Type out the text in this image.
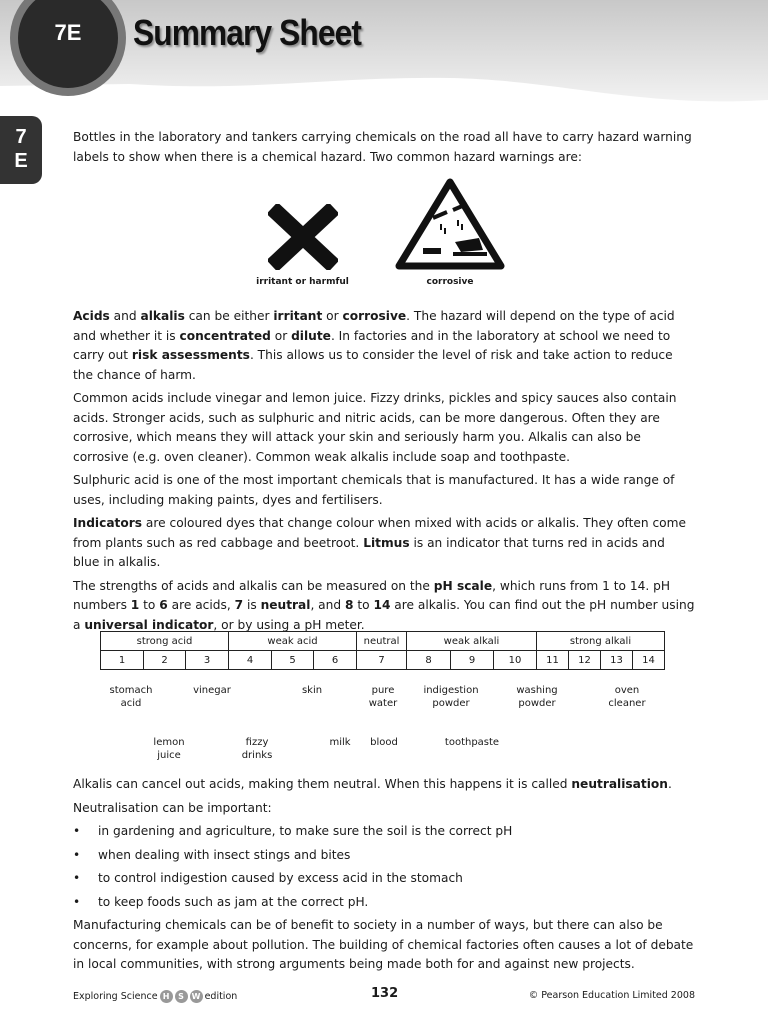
7E	Summary Sheet
7
E

Bottles in the laboratory and tankers carrying chemicals on the road all have to carry hazard warning labels to show when there is a chemical hazard. Two common hazard warnings are:

irritant or harmful	corrosive

Acids and alkalis can be either irritant or corrosive. The hazard will depend on the type of acid and whether it is concentrated or dilute. In factories and in the laboratory at school we need to carry out risk assessments. This allows us to consider the level of risk and take action to reduce the chance of harm.

Common acids include vinegar and lemon juice. Fizzy drinks, pickles and spicy sauces also contain acids. Stronger acids, such as sulphuric and nitric acids, can be more dangerous. Often they are corrosive, which means they will attack your skin and seriously harm you. Alkalis can also be corrosive (e.g. oven cleaner). Common weak alkalis include soap and toothpaste.

Sulphuric acid is one of the most important chemicals that is manufactured. It has a wide range of uses, including making paints, dyes and fertilisers.

Indicators are coloured dyes that change colour when mixed with acids or alkalis. They often come from plants such as red cabbage and beetroot. Litmus is an indicator that turns red in acids and blue in alkalis.

The strengths of acids and alkalis can be measured on the pH scale, which runs from 1 to 14. pH numbers 1 to 6 are acids, 7 is neutral, and 8 to 14 are alkalis. You can find out the pH number using a universal indicator, or by using a pH meter.

strong acid			weak acid			neutral	weak alkali			strong alkali			
1	2	3	4	5	6	7	8	9	10	11	12	13	14
stomach
acid
vinegar	skin	pure
water
indigestion
powder
washing
powder
oven
cleaner
lemon
juice
fizzy
drinks
milk	blood	toothpaste

Alkalis can cancel out acids, making them neutral. When this happens it is called neutralisation.

Neutralisation can be important:

• in gardening and agriculture, to make sure the soil is the correct pH
• when dealing with insect stings and bites
• to control indigestion caused by excess acid in the stomach
• to keep foods such as jam at the correct pH.

Manufacturing chemicals can be of benefit to society in a number of ways, but there can also be concerns, for example about pollution. The building of chemical factories often causes a lot of debate in local communities, with strong arguments being made both for and against new projects.

Exploring Science H	S W edition	132	© Pearson Education Limited 2008
